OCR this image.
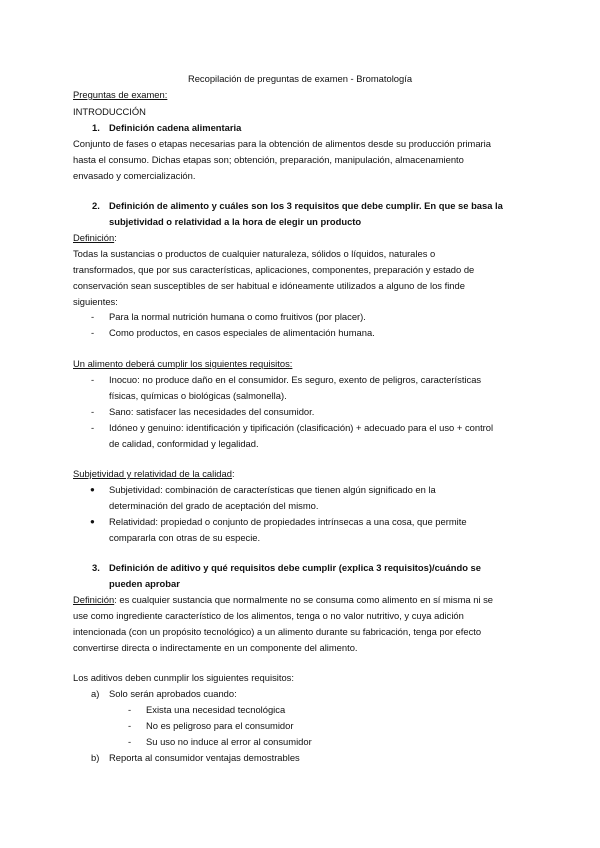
Recopilación de preguntas de examen - Bromatología
Preguntas de examen:
INTRODUCCIÓN
1. Definición cadena alimentaria
Conjunto de fases o etapas necesarias para la obtención de alimentos desde su producción primaria
hasta el consumo. Dichas etapas son; obtención, preparación, manipulación, almacenamiento
envasado y comercialización.
2. Definición de alimento y cuáles son los 3 requisitos que debe cumplir. En que se basa la
subjetividad o relatividad a la hora de elegir un producto
Definición:
Todas la sustancias o productos de cualquier naturaleza, sólidos o líquidos, naturales o
transformados, que por sus características, aplicaciones, componentes, preparación y estado de
conservación sean susceptibles de ser habitual e idóneamente utilizados a alguno de los finde
siguientes:
- Para la normal nutrición humana o como fruitivos (por placer).
- Como productos, en casos especiales de alimentación humana.
Un alimento deberá cumplir los siguientes requisitos:
- Inocuo: no produce daño en el consumidor. Es seguro, exento de peligros, características
físicas, químicas o biológicas (salmonella).
- Sano: satisfacer las necesidades del consumidor.
- Idóneo y genuino: identificación y tipificación (clasificación) + adecuado para el uso + control
de calidad, conformidad y legalidad.
Subjetividad y relatividad de la calidad:
● Subjetividad: combinación de características que tienen algún significado en la
determinación del grado de aceptación del mismo.
● Relatividad: propiedad o conjunto de propiedades intrínsecas a una cosa, que permite
compararla con otras de su especie.
3. Definición de aditivo y qué requisitos debe cumplir (explica 3 requisitos)/cuándo se
pueden aprobar
Definición: es cualquier sustancia que normalmente no se consuma como alimento en sí misma ni se
use como ingrediente característico de los alimentos, tenga o no valor nutritivo, y cuya adición
intencionada (con un propósito tecnológico) a un alimento durante su fabricación, tenga por efecto
convertirse directa o indirectamente en un componente del alimento.
Los aditivos deben cunmplir los siguientes requisitos:
a) Solo serán aprobados cuando:
- Exista una necesidad tecnológica
- No es peligroso para el consumidor
- Su uso no induce al error al consumidor
b) Reporta al consumidor ventajas demostrables
